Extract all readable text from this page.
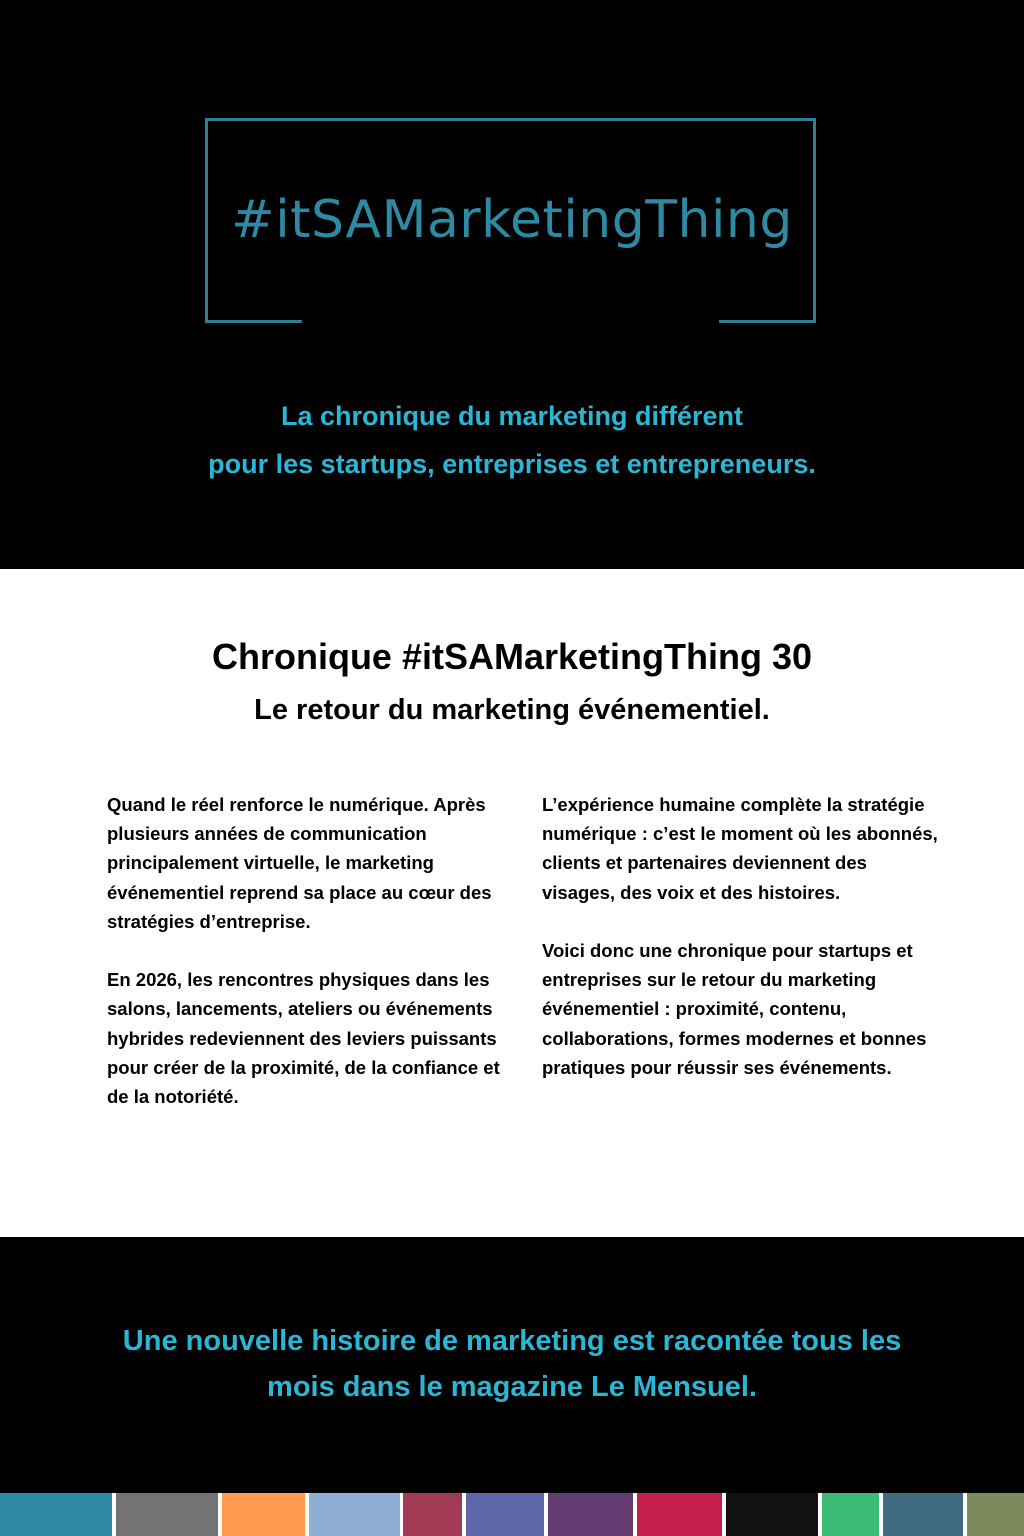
#itSAMarketingThing
La chronique du marketing différent
pour les startups, entreprises et entrepreneurs.
Chronique #itSAMarketingThing 30
Le retour du marketing événementiel.

Quand le réel renforce le numérique. Après plusieurs années de communication principalement virtuelle, le marketing événementiel reprend sa place au cœur des stratégies d’entreprise.

En 2026, les rencontres physiques dans les salons, lancements, ateliers ou événements hybrides redeviennent des leviers puissants pour créer de la proximité, de la confiance et de la notoriété.

L’expérience humaine complète la stratégie numérique : c’est le moment où les abonnés, clients et partenaires deviennent des visages, des voix et des histoires.

Voici donc une chronique pour startups et entreprises sur le retour du marketing événementiel : proximité, contenu, collaborations, formes modernes et bonnes pratiques pour réussir ses événements.

Une nouvelle histoire de marketing est racontée tous les
mois dans le magazine Le Mensuel.
